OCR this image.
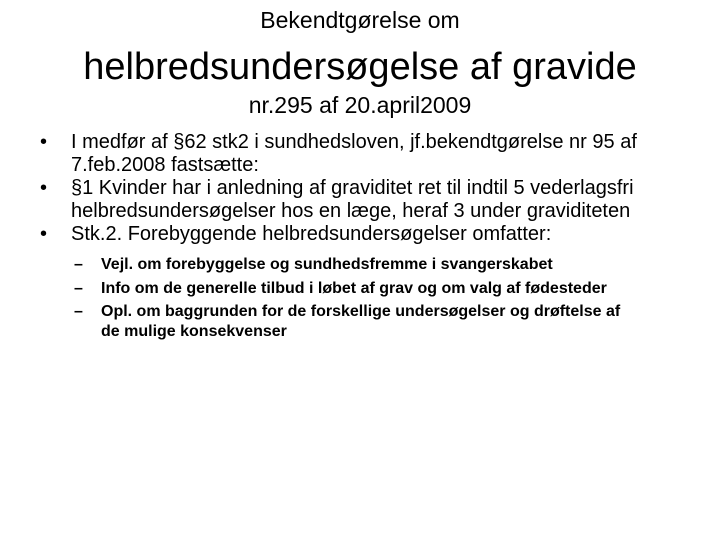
Bekendtgørelse om
helbredsundersøgelse af gravide
nr.295 af 20.april2009
• I medfør af §62 stk2 i sundhedsloven, jf.bekendtgørelse nr 95 af 7.feb.2008 fastsætte:
• §1 Kvinder har i anledning af graviditet ret til indtil 5 vederlagsfri helbredsundersøgelser hos en læge, heraf 3 under graviditeten
• Stk.2. Forebyggende helbredsundersøgelser omfatter:
– Vejl. om forebyggelse og sundhedsfremme i svangerskabet
– Info om de generelle tilbud i løbet af grav og om valg af fødesteder
– Opl. om baggrunden for de forskellige undersøgelser og drøftelse af de mulige konsekvenser
